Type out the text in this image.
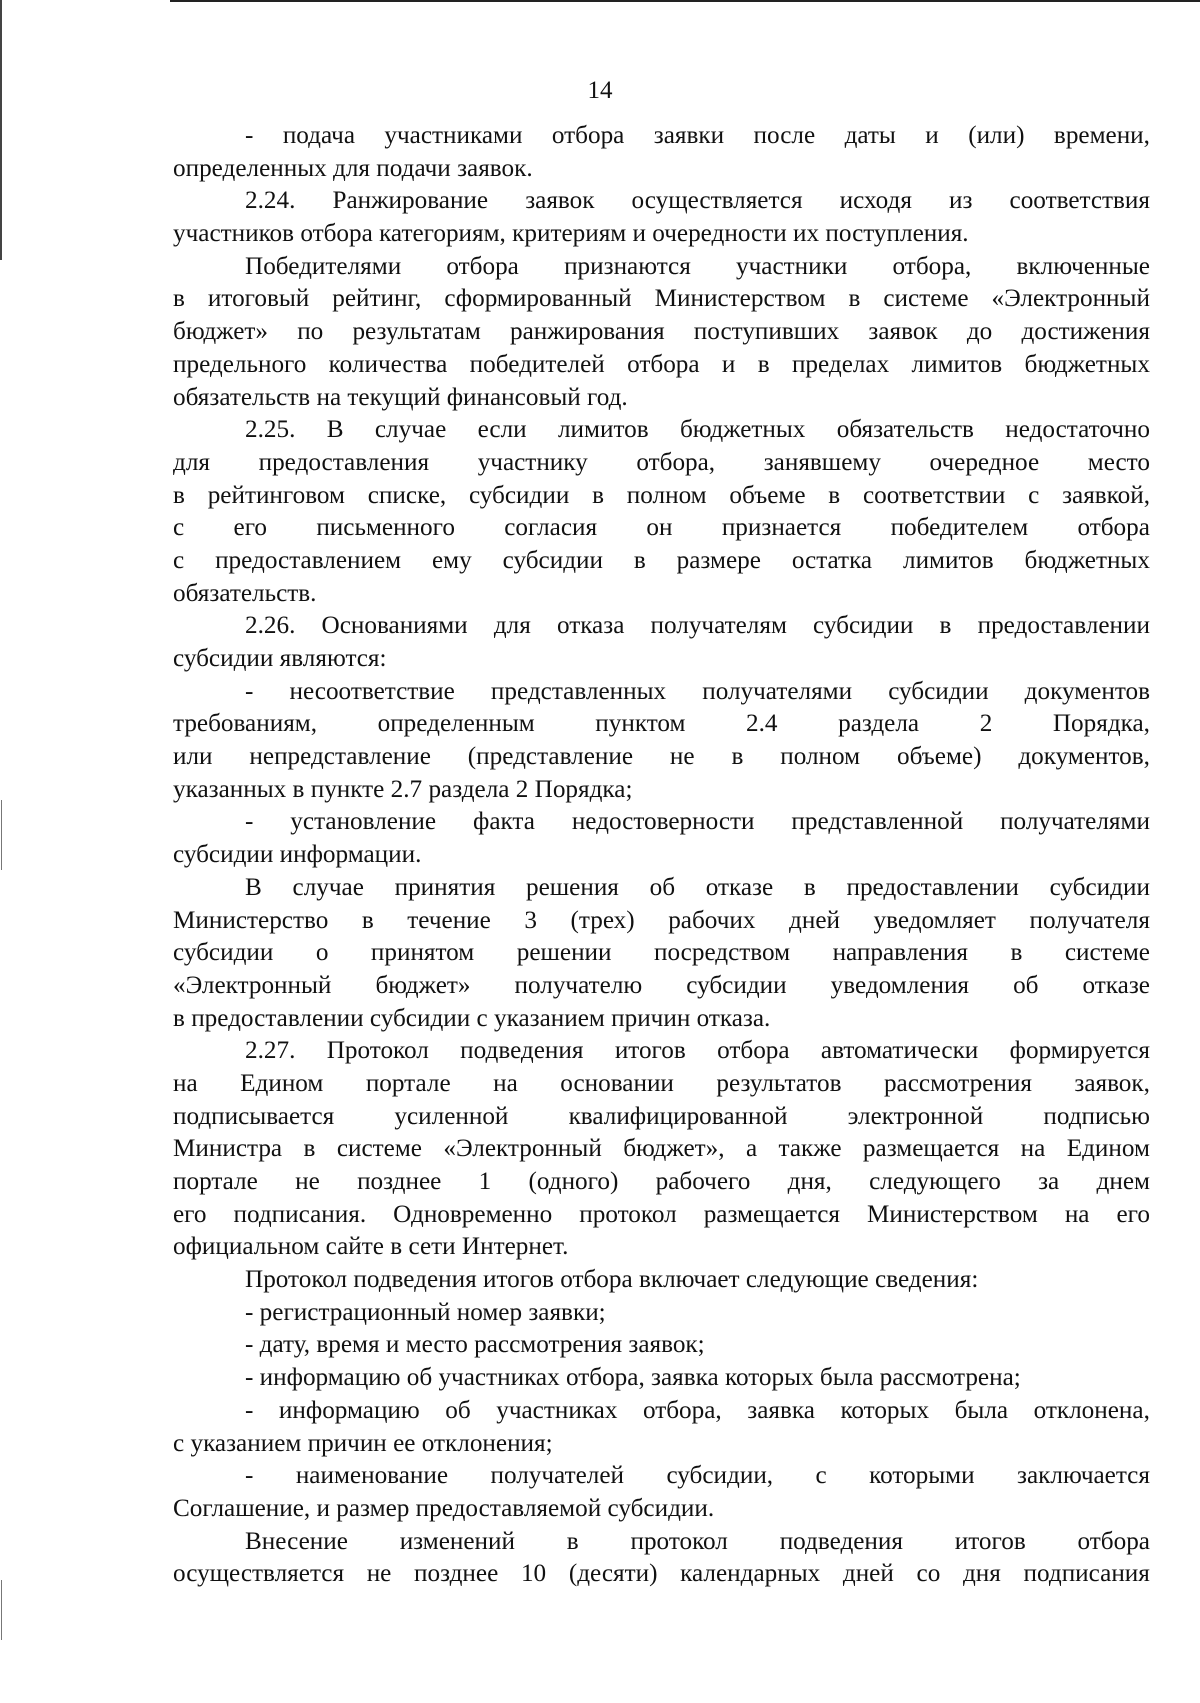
14
- подача участниками отбора заявки после даты и (или) времени,
определенных для подачи заявок.
2.24. Ранжирование заявок осуществляется исходя из соответствия
участников отбора категориям, критериям и очередности их поступления.
Победителями отбора признаются участники отбора, включенные
в итоговый рейтинг, сформированный Министерством в системе «Электронный
бюджет» по результатам ранжирования поступивших заявок до достижения
предельного количества победителей отбора и в пределах лимитов бюджетных
обязательств на текущий финансовый год.
2.25. В случае если лимитов бюджетных обязательств недостаточно
для предоставления участнику отбора, занявшему очередное место
в рейтинговом списке, субсидии в полном объеме в соответствии с заявкой,
с его письменного согласия он признается победителем отбора
с предоставлением ему субсидии в размере остатка лимитов бюджетных
обязательств.
2.26. Основаниями для отказа получателям субсидии в предоставлении
субсидии являются:
- несоответствие представленных получателями субсидии документов
требованиям, определенным пунктом 2.4 раздела 2 Порядка,
или непредставление (представление не в полном объеме) документов,
указанных в пункте 2.7 раздела 2 Порядка;
- установление факта недостоверности представленной получателями
субсидии информации.
В случае принятия решения об отказе в предоставлении субсидии
Министерство в течение 3 (трех) рабочих дней уведомляет получателя
субсидии о принятом решении посредством направления в системе
«Электронный бюджет» получателю субсидии уведомления об отказе
в предоставлении субсидии с указанием причин отказа.
2.27. Протокол подведения итогов отбора автоматически формируется
на Едином портале на основании результатов рассмотрения заявок,
подписывается усиленной квалифицированной электронной подписью
Министра в системе «Электронный бюджет», а также размещается на Едином
портале не позднее 1 (одного) рабочего дня, следующего за днем
его подписания. Одновременно протокол размещается Министерством на его
официальном сайте в сети Интернет.
Протокол подведения итогов отбора включает следующие сведения:
- регистрационный номер заявки;
- дату, время и место рассмотрения заявок;
- информацию об участниках отбора, заявка которых была рассмотрена;
- информацию об участниках отбора, заявка которых была отклонена,
с указанием причин ее отклонения;
- наименование получателей субсидии, с которыми заключается
Соглашение, и размер предоставляемой субсидии.
Внесение изменений в протокол подведения итогов отбора
осуществляется не позднее 10 (десяти) календарных дней со дня подписания
